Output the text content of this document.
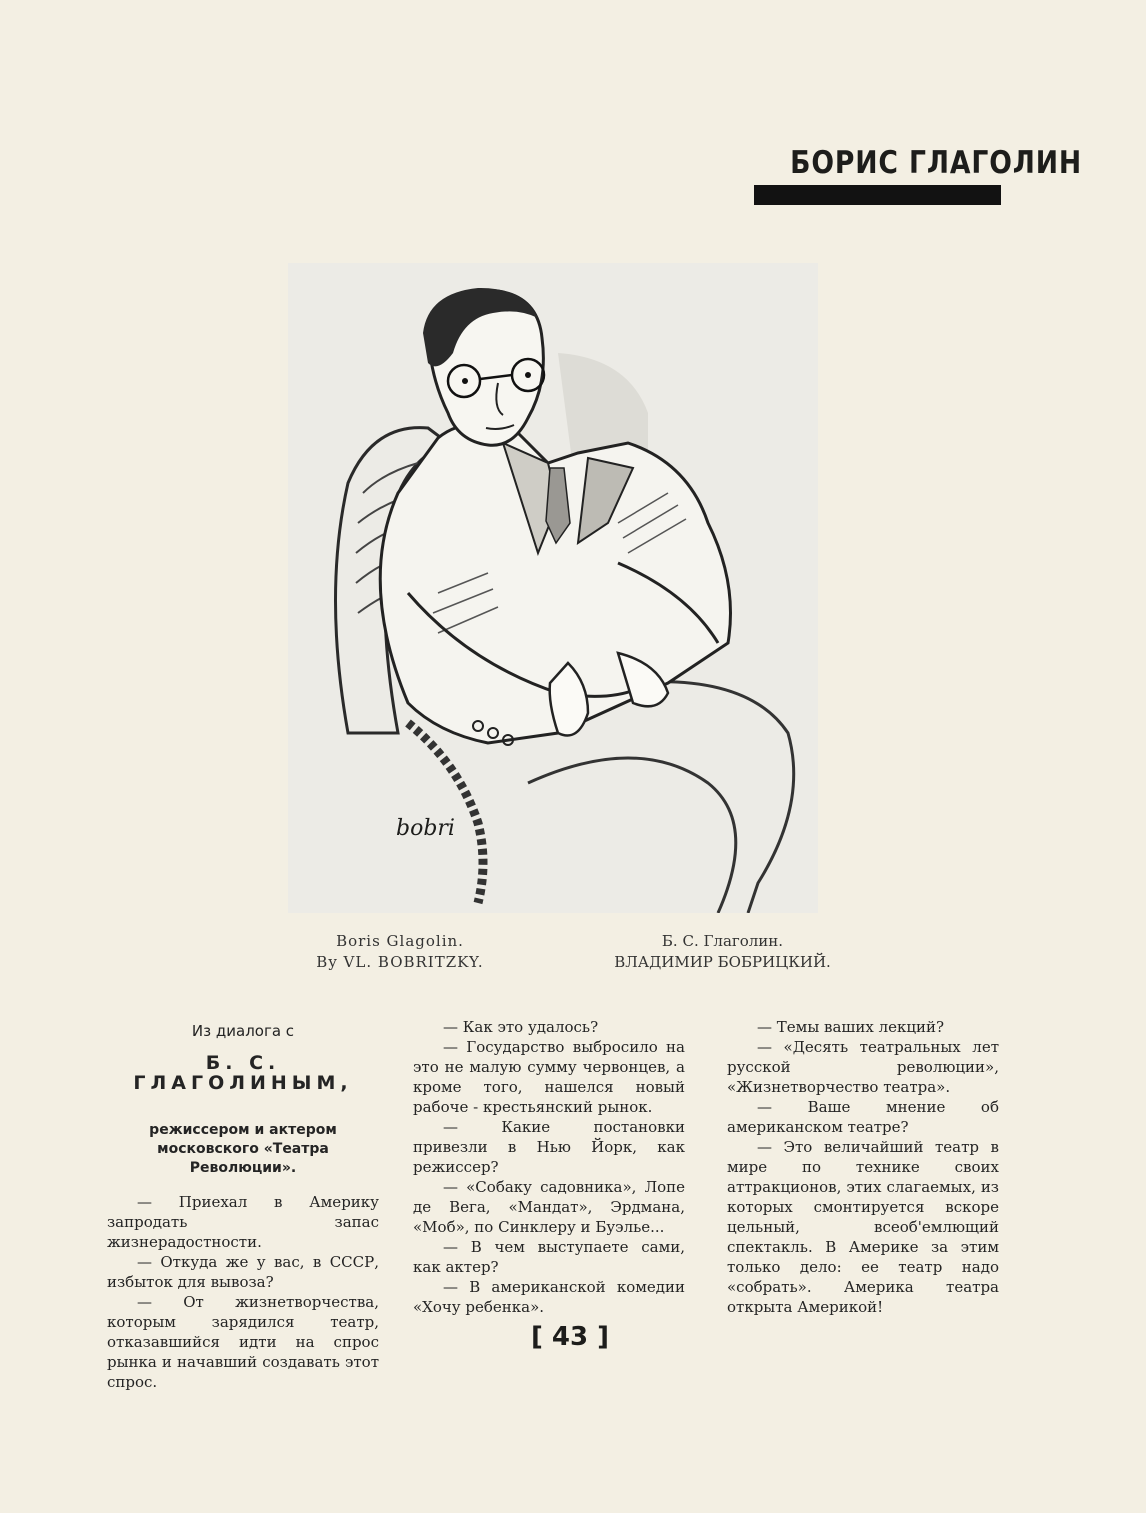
БОРИС ГЛАГОЛИН
bobri
Boris Glagolin.
By VL. BOBRITZKY.
Б. С. Глаголин.
ВЛАДИМИР БОБРИЦКИЙ.

Из диалога с

Б. С. ГЛАГОЛИНЫМ,

режиссером и актером московского «Театра Революции».

— Приехал в Америку запродать запас жизнерадостности.

— Откуда же у вас, в СССР, избыток для вывоза?

— От жизнетворчества, которым зарядился театр, отказавшийся идти на спрос рынка и начавший создавать этот спрос.

— Как это удалось?

— Государство выбросило на это не малую сумму червонцев, а кроме того, нашелся новый рабоче - крестьянский рынок.

— Какие постановки привезли в Нью Йорк, как режиссер?

— «Собаку садовника», Лопе де Вега, «Мандат», Эрдмана, «Моб», по Синклеру и Буэлье...

— В чем выступаете сами, как актер?

— В американской комедии «Хочу ребенка».

— Темы ваших лекций?

— «Десять театральных лет русской революции», «Жизнетворчество театра».

— Ваше мнение об американском театре?

— Это величайший театр в мире по технике своих аттракционов, этих слагаемых, из которых смонтируется вскоре цельный, всеоб'емлющий спектакль. В Америке за этим только дело: ее театр надо «собрать». Америка театра открыта Америкой!

[ 43 ]
